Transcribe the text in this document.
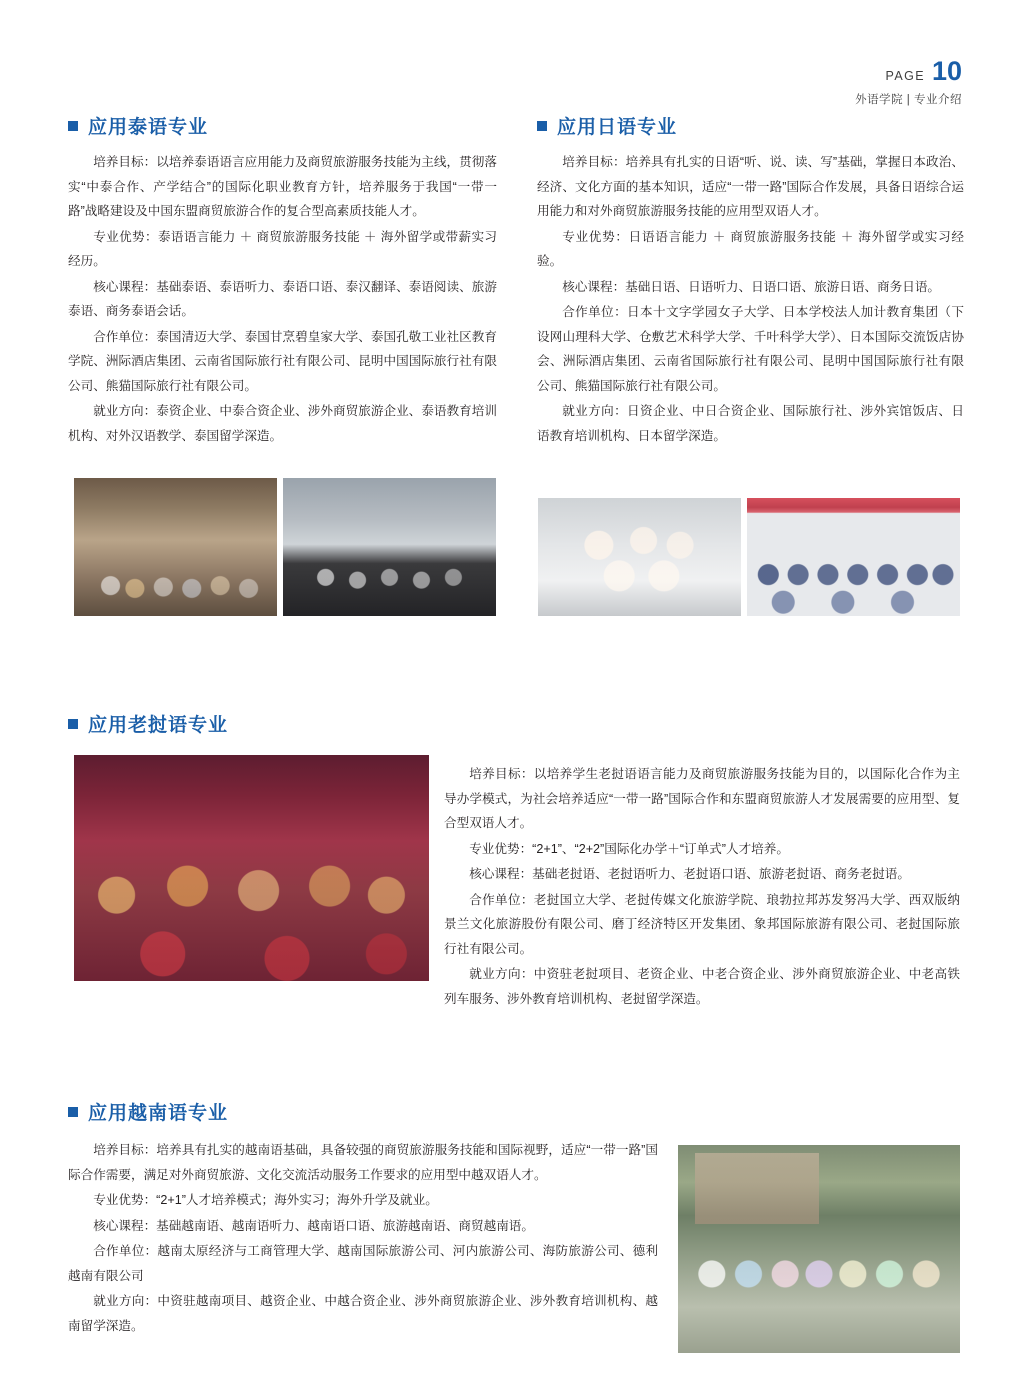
PAGE 10
外语学院 | 专业介绍
应用泰语专业

培养目标：以培养泰语语言应用能力及商贸旅游服务技能为主线，贯彻落实“中泰合作、产学结合”的国际化职业教育方针，培养服务于我国“一带一路”战略建设及中国东盟商贸旅游合作的复合型高素质技能人才。

专业优势：泰语语言能力 ＋ 商贸旅游服务技能 ＋ 海外留学或带薪实习经历。

核心课程：基础泰语、泰语听力、泰语口语、泰汉翻译、泰语阅读、旅游泰语、商务泰语会话。

合作单位：泰国清迈大学、泰国甘烹碧皇家大学、泰国孔敬工业社区教育学院、洲际酒店集团、云南省国际旅行社有限公司、昆明中国国际旅行社有限公司、熊猫国际旅行社有限公司。

就业方向：泰资企业、中泰合资企业、涉外商贸旅游企业、泰语教育培训机构、对外汉语教学、泰国留学深造。

应用日语专业

培养目标：培养具有扎实的日语“听、说、读、写”基础，掌握日本政治、经济、文化方面的基本知识，适应“一带一路”国际合作发展，具备日语综合运用能力和对外商贸旅游服务技能的应用型双语人才。

专业优势：日语语言能力 ＋ 商贸旅游服务技能 ＋ 海外留学或实习经验。

核心课程：基础日语、日语听力、日语口语、旅游日语、商务日语。

合作单位：日本十文字学园女子大学、日本学校法人加计教育集团（下设网山理科大学、仓敷艺术科学大学、千叶科学大学）、日本国际交流饭店协会、洲际酒店集团、云南省国际旅行社有限公司、昆明中国国际旅行社有限公司、熊猫国际旅行社有限公司。

就业方向：日资企业、中日合资企业、国际旅行社、涉外宾馆饭店、日语教育培训机构、日本留学深造。

应用老挝语专业

培养目标：以培养学生老挝语语言能力及商贸旅游服务技能为目的，以国际化合作为主导办学模式，为社会培养适应“一带一路”国际合作和东盟商贸旅游人才发展需要的应用型、复合型双语人才。

专业优势：“2+1”、“2+2”国际化办学＋“订单式”人才培养。

核心课程：基础老挝语、老挝语听力、老挝语口语、旅游老挝语、商务老挝语。

合作单位：老挝国立大学、老挝传媒文化旅游学院、琅勃拉邦苏发努冯大学、西双版纳景兰文化旅游股份有限公司、磨丁经济特区开发集团、象邦国际旅游有限公司、老挝国际旅行社有限公司。

就业方向：中资驻老挝项目、老资企业、中老合资企业、涉外商贸旅游企业、中老高铁列车服务、涉外教育培训机构、老挝留学深造。

应用越南语专业

培养目标：培养具有扎实的越南语基础，具备较强的商贸旅游服务技能和国际视野，适应“一带一路”国际合作需要，满足对外商贸旅游、文化交流活动服务工作要求的应用型中越双语人才。

专业优势：“2+1”人才培养模式；海外实习；海外升学及就业。

核心课程：基础越南语、越南语听力、越南语口语、旅游越南语、商贸越南语。

合作单位：越南太原经济与工商管理大学、越南国际旅游公司、河内旅游公司、海防旅游公司、德利越南有限公司

就业方向：中资驻越南项目、越资企业、中越合资企业、涉外商贸旅游企业、涉外教育培训机构、越南留学深造。
